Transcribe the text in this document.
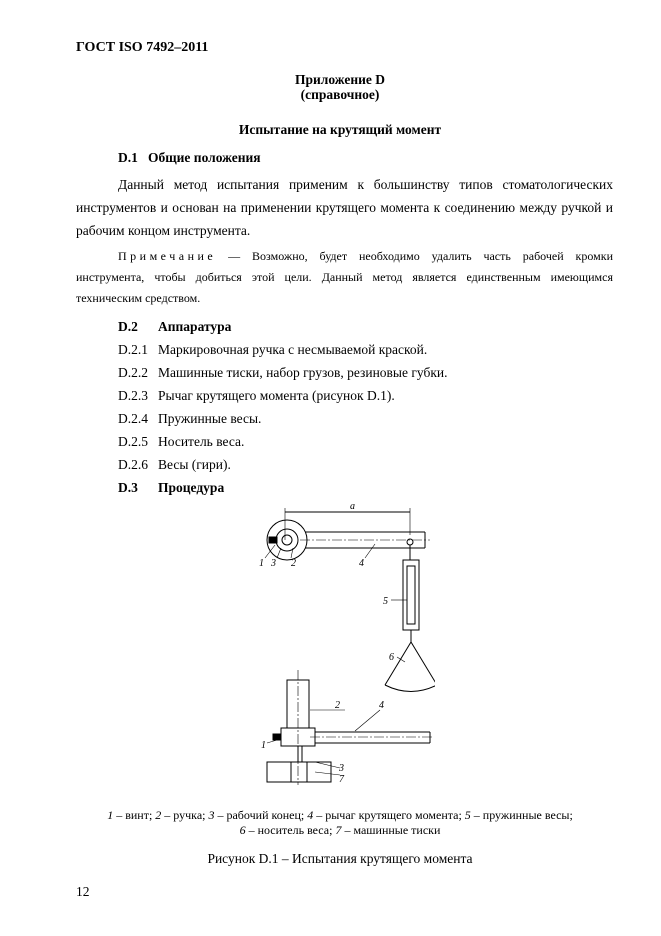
ГОСТ ISO 7492–2011
Приложение D
(справочное)
Испытание на крутящий момент
D.1 Общие положения
Данный метод испытания применим к большинству типов стоматологических инструментов и основан на применении крутящего момента к соединению между ручкой и рабочим концом инструмента.
Примечание — Возможно, будет необходимо удалить часть рабочей кромки инструмента, чтобы добиться этой цели. Данный метод является единственным имеющимся техническим средством.
D.2 Аппаратура
D.2.1 Маркировочная ручка с несмываемой краской.
D.2.2 Машинные тиски, набор грузов, резиновые губки.
D.2.3 Рычаг крутящего момента (рисунок D.1).
D.2.4 Пружинные весы.
D.2.5 Носитель веса.
D.2.6 Весы (гири).
D.3 Процедура
a
1 3 2	4
5
6
2	4
1
3
7
1 – винт; 2 – ручка; 3 – рабочий конец; 4 – рычаг крутящего момента; 5 – пружинные весы;
6 – носитель веса; 7 – машинные тиски
Рисунок D.1 – Испытания крутящего момента
12
